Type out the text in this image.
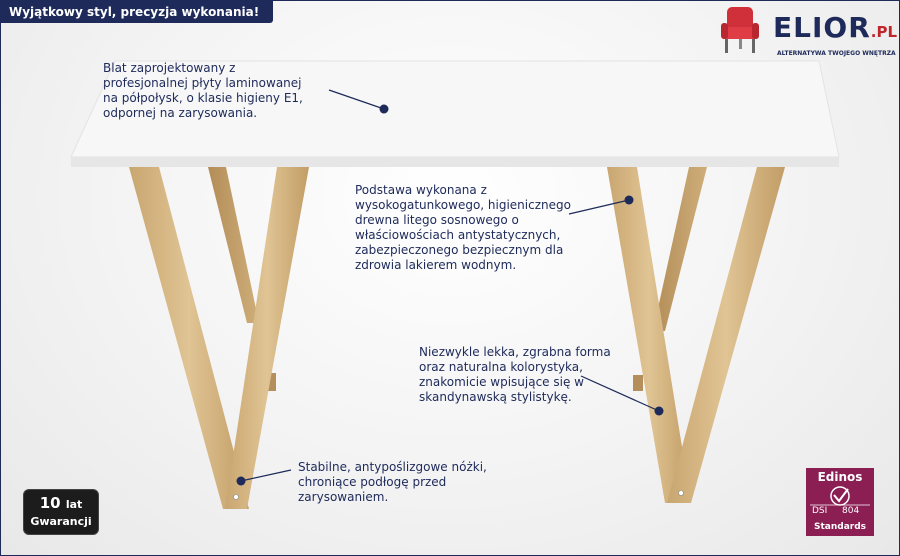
Wyjątkowy styl, precyzja wykonania!	ELIOR.PL
ALTERNATYWA TWOJEGO WNĘTRZA
Blat zaprojektowany z
profesjonalnej płyty laminowanej
na półpołysk, o klasie higieny E1,
odpornej na zarysowania.
Podstawa wykonana z
wysokogatunkowego, higienicznego
drewna litego sosnowego o
właściowościach antystatycznych,
zabezpieczonego bezpiecznym dla
zdrowia lakierem wodnym.
Niezwykle lekka, zgrabna forma
oraz naturalna kolorystyka,
znakomicie wpisujące się w
skandynawską stylistykę.
Stabilne, antypoślizgowe nóżki,
chroniące podłogę przed
zarysowaniem.
10 lat
Gwarancji
Edinos
DSI 804
Standards
